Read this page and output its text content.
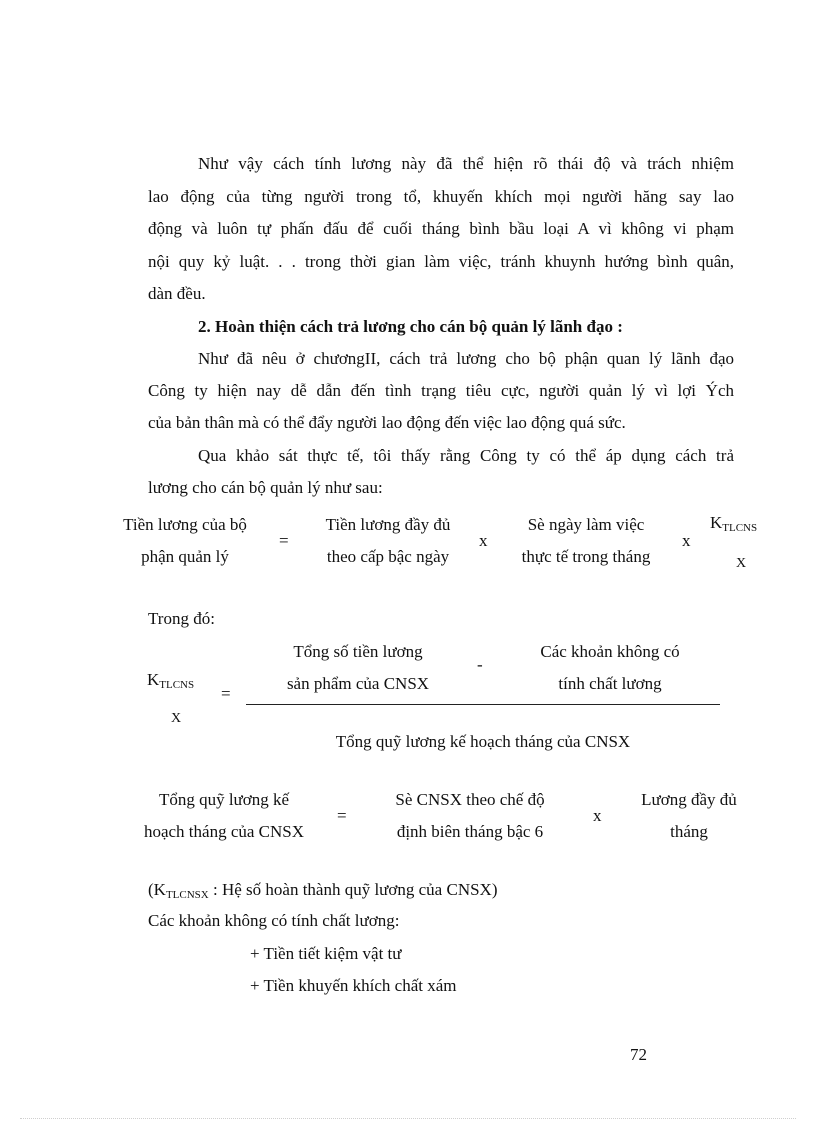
Như vậy cách tính lương này đã thể hiện rõ thái độ và trách nhiệm
lao động của từng người trong tổ, khuyến khích mọi người hăng say lao
động và luôn tự phấn đấu để cuối tháng bình bầu loại A vì không vi phạm
nội quy kỷ luật. . . trong thời gian làm việc, tránh khuynh hướng bình quân,
dàn đều.
2. Hoàn thiện cách trả lương cho cán bộ quản lý lãnh đạo :
Như đã nêu ở chươngII, cách trả lương cho bộ phận quan lý lãnh đạo
Công ty hiện nay dễ dẫn đến tình trạng tiêu cực, người quản lý vì lợi Ých
của bản thân mà có thể đẩy người lao động đến việc lao động quá sức.
Qua khảo sát thực tế, tôi thấy rằng Công ty có thể áp dụng cách trả
lương cho cán bộ quản lý như sau:
Tiền lương của bộ
phận quản lý
=
Tiền lương đầy đủ
theo cấp bậc ngày
x
Sè ngày làm việc
thực tế trong tháng
x
$K_{TLCNS}$
X
Trong đó:
$K_{TLCNS}$
X
=
Tổng số tiền lương
sản phẩm của CNSX
-
Các khoản không có
tính chất lương
Tổng quỹ lương kế hoạch tháng của CNSX
Tổng quỹ lương kế
hoạch tháng của CNSX
=
Sè CNSX theo chế độ
định biên tháng bậc 6
x
Lương đầy đủ
tháng
($K_{TLCNSX}$ : Hệ số hoàn thành quỹ lương của CNSX)
Các khoản không có tính chất lương:
+ Tiền tiết kiệm vật tư
+ Tiền khuyến khích chất xám
72
